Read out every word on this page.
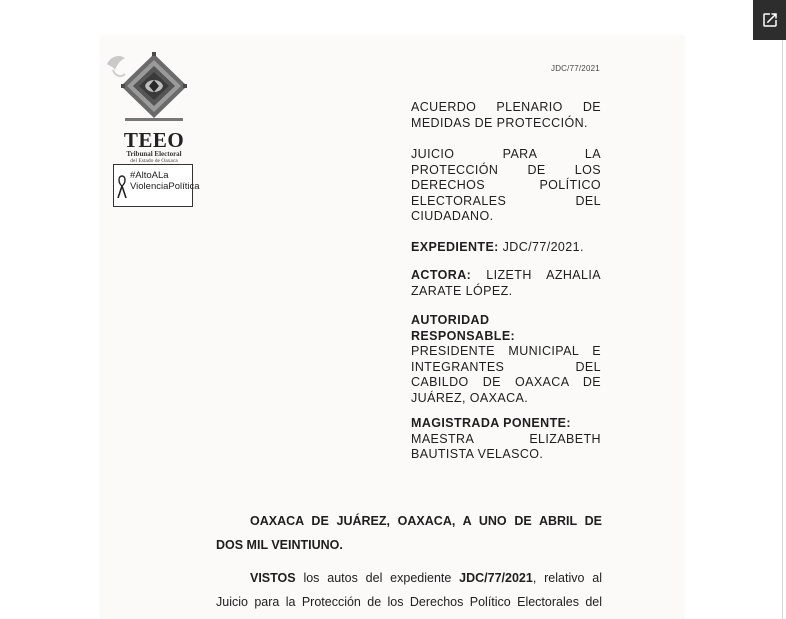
JDC/77/2021
TEEO
Tribunal Electoral
del Estado de Oaxaca
#AltoALa
ViolenciaPolítica
ACUERDO PLENARIO DE
MEDIDAS DE PROTECCIÓN.
JUICIO PARA LA
PROTECCIÓN DE LOS
DERECHOS POLÍTICO
ELECTORALES DEL
CIUDADANO.
EXPEDIENTE: JDC/77/2021.
ACTORA: LIZETH AZHALIA
ZARATE LÓPEZ.
AUTORIDAD
RESPONSABLE:
PRESIDENTE MUNICIPAL E
INTEGRANTES DEL
CABILDO DE OAXACA DE
JUÁREZ, OAXACA.
MAGISTRADA PONENTE:
MAESTRA ELIZABETH
BAUTISTA VELASCO.
OAXACA DE JUÁREZ, OAXACA, A UNO DE ABRIL DE
DOS MIL VEINTIUNO.
VISTOS los autos del expediente JDC/77/2021, relativo al
Juicio para la Protección de los Derechos Político Electorales del
